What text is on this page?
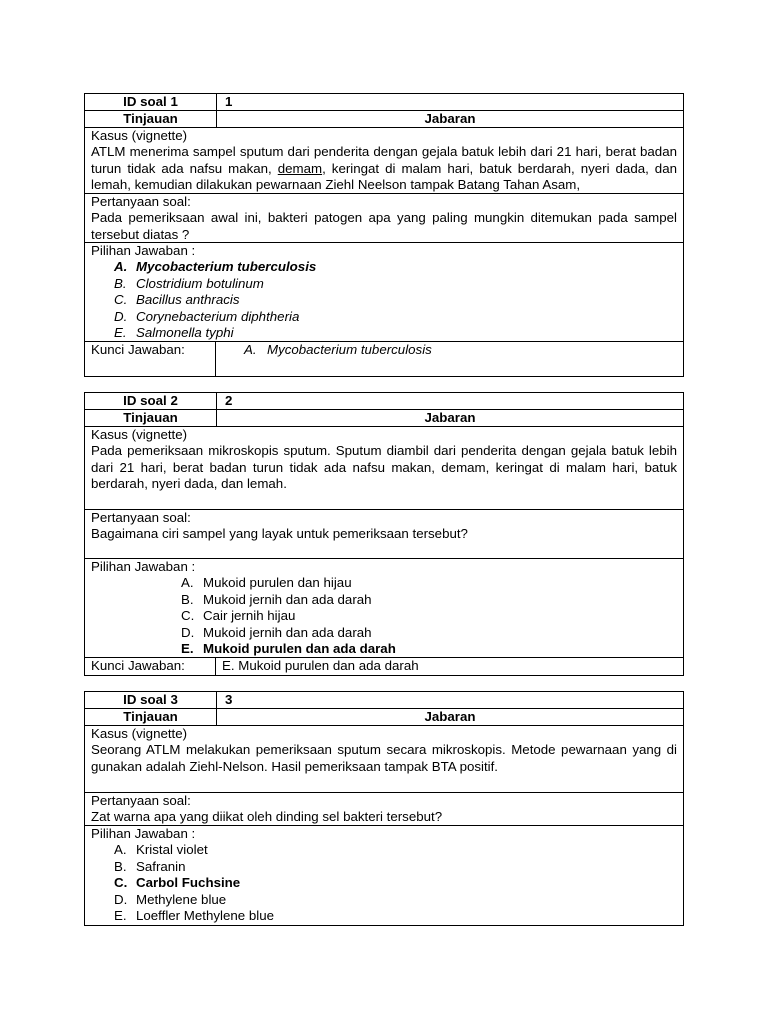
ID soal 1	1
Tinjauan	Jabaran
Kasus (vignette)
ATLM menerima sampel sputum dari penderita dengan gejala batuk lebih dari 21 hari, berat badan turun tidak ada nafsu makan, demam, keringat di malam hari, batuk berdarah, nyeri dada, dan lemah, kemudian dilakukan pewarnaan Ziehl Neelson tampak Batang Tahan Asam,
Pertanyaan soal:
Pada pemeriksaan awal ini, bakteri patogen apa yang paling mungkin ditemukan pada sampel tersebut diatas ?
Pilihan Jawaban :
A. Mycobacterium tuberculosis
B. Clostridium botulinum
C. Bacillus anthracis
D. Corynebacterium diphtheria
E. Salmonella typhi
Kunci Jawaban:	A. Mycobacterium tuberculosis
ID soal 2	2
Tinjauan	Jabaran
Kasus (vignette)
Pada pemeriksaan mikroskopis sputum. Sputum diambil dari penderita dengan gejala batuk lebih dari 21 hari, berat badan turun tidak ada nafsu makan, demam, keringat di malam hari, batuk berdarah, nyeri dada, dan lemah.
Pertanyaan soal:
Bagaimana ciri sampel yang layak untuk pemeriksaan tersebut?
Pilihan Jawaban :
A. Mukoid purulen dan hijau
B. Mukoid jernih dan ada darah
C. Cair jernih hijau
D. Mukoid jernih dan ada darah
E. Mukoid purulen dan ada darah
Kunci Jawaban:	E. Mukoid purulen dan ada darah
ID soal 3	3
Tinjauan	Jabaran
Kasus (vignette)
Seorang ATLM melakukan pemeriksaan sputum secara mikroskopis. Metode pewarnaan yang di gunakan adalah Ziehl-Nelson. Hasil pemeriksaan tampak BTA positif.
Pertanyaan soal:
Zat warna apa yang diikat oleh dinding sel bakteri tersebut?
Pilihan Jawaban :
A. Kristal violet
B. Safranin
C. Carbol Fuchsine
D. Methylene blue
E. Loeffler Methylene blue
